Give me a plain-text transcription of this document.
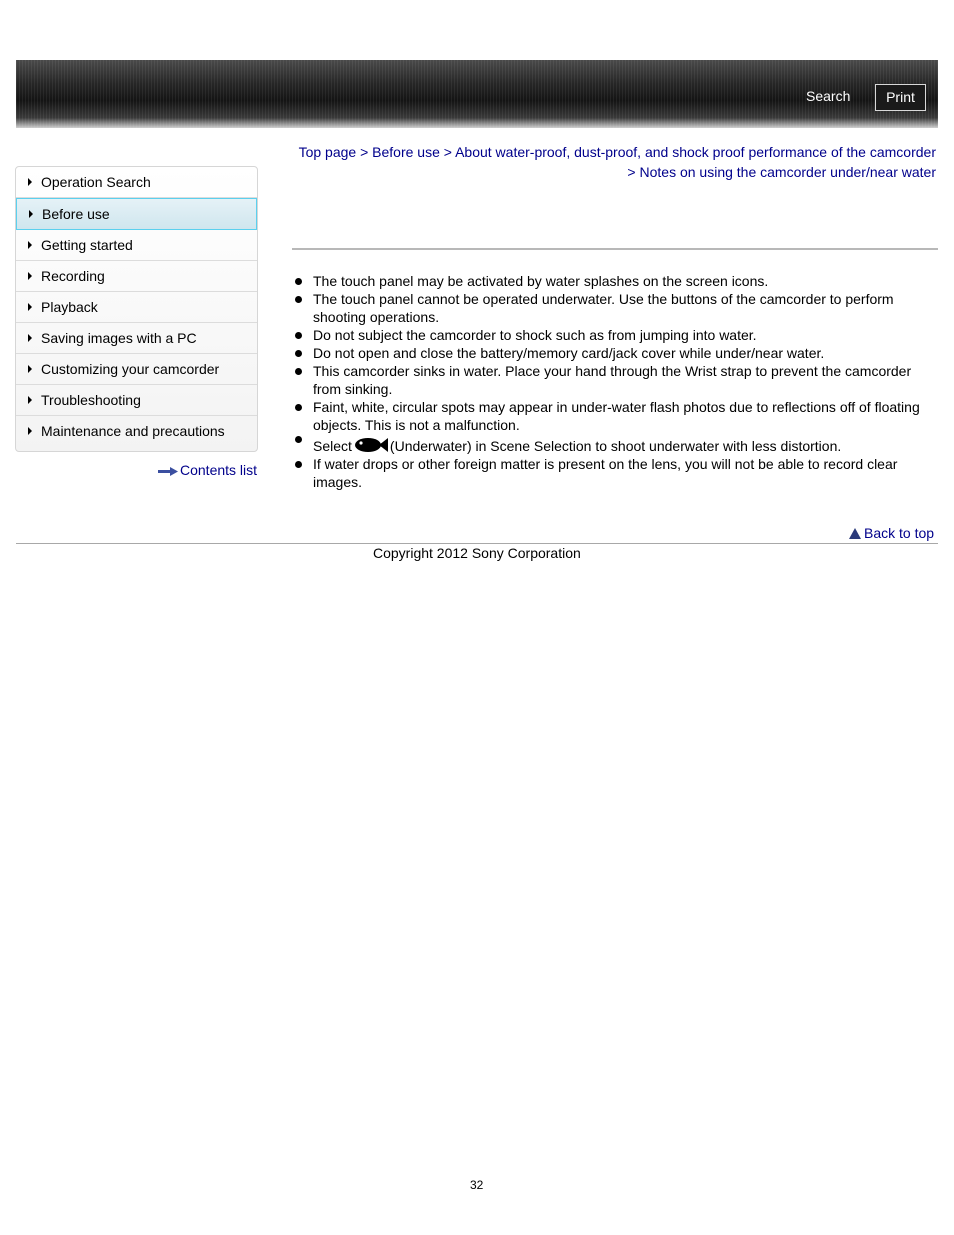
Search	Print
Top page > Before use > About water-proof, dust-proof, and shock proof performance of the camcorder > Notes on using the camcorder under/near water
Operation Search
Before use
Getting started
Recording
Playback
Saving images with a PC
Customizing your camcorder
Troubleshooting
Maintenance and precautions
Contents list
The touch panel may be activated by water splashes on the screen icons.
The touch panel cannot be operated underwater. Use the buttons of the camcorder to perform shooting operations.
Do not subject the camcorder to shock such as from jumping into water.
Do not open and close the battery/memory card/jack cover while under/near water.
This camcorder sinks in water. Place your hand through the Wrist strap to prevent the camcorder from sinking.
Faint, white, circular spots may appear in under-water flash photos due to reflections off of floating objects. This is not a malfunction.
Select	(Underwater) in Scene Selection to shoot underwater with less distortion.
If water drops or other foreign matter is present on the lens, you will not be able to record clear images.
Back to top
Copyright 2012 Sony Corporation
32
